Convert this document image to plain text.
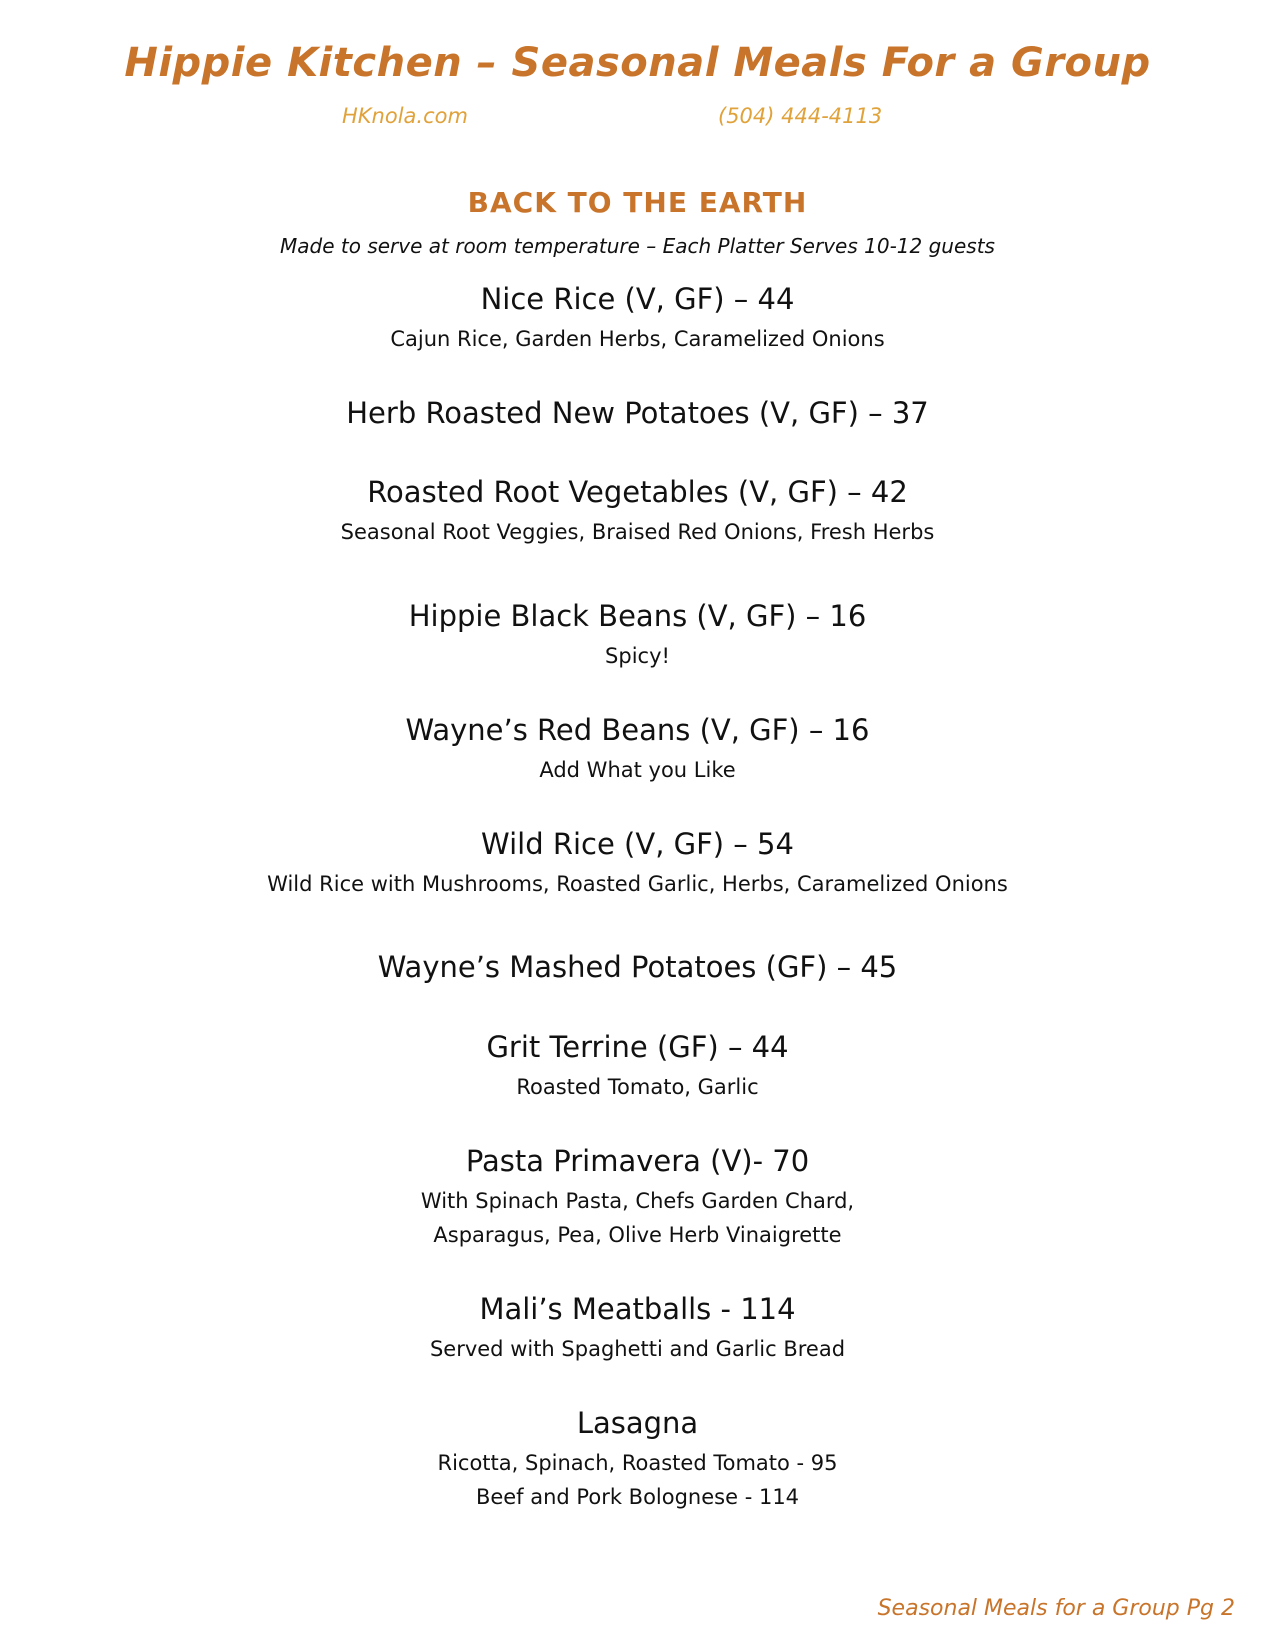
Hippie Kitchen – Seasonal Meals For a Group

HKnola.com	(504) 444-4113

BACK TO THE EARTH

Made to serve at room temperature – Each Platter Serves 10-12 guests

Nice Rice (V, GF) – 44

Cajun Rice, Garden Herbs, Caramelized Onions

Herb Roasted New Potatoes (V, GF) – 37

Roasted Root Vegetables (V, GF) – 42

Seasonal Root Veggies, Braised Red Onions, Fresh Herbs

Hippie Black Beans (V, GF) – 16

Spicy!

Wayne’s Red Beans (V, GF) – 16

Add What you Like

Wild Rice (V, GF) – 54

Wild Rice with Mushrooms, Roasted Garlic, Herbs, Caramelized Onions

Wayne’s Mashed Potatoes (GF) – 45

Grit Terrine (GF) – 44

Roasted Tomato, Garlic

Pasta Primavera (V)- 70

With Spinach Pasta, Chefs Garden Chard,

Asparagus, Pea, Olive Herb Vinaigrette

Mali’s Meatballs - 114

Served with Spaghetti and Garlic Bread

Lasagna

Ricotta, Spinach, Roasted Tomato - 95

Beef and Pork Bolognese - 114

Seasonal Meals for a Group Pg 2
